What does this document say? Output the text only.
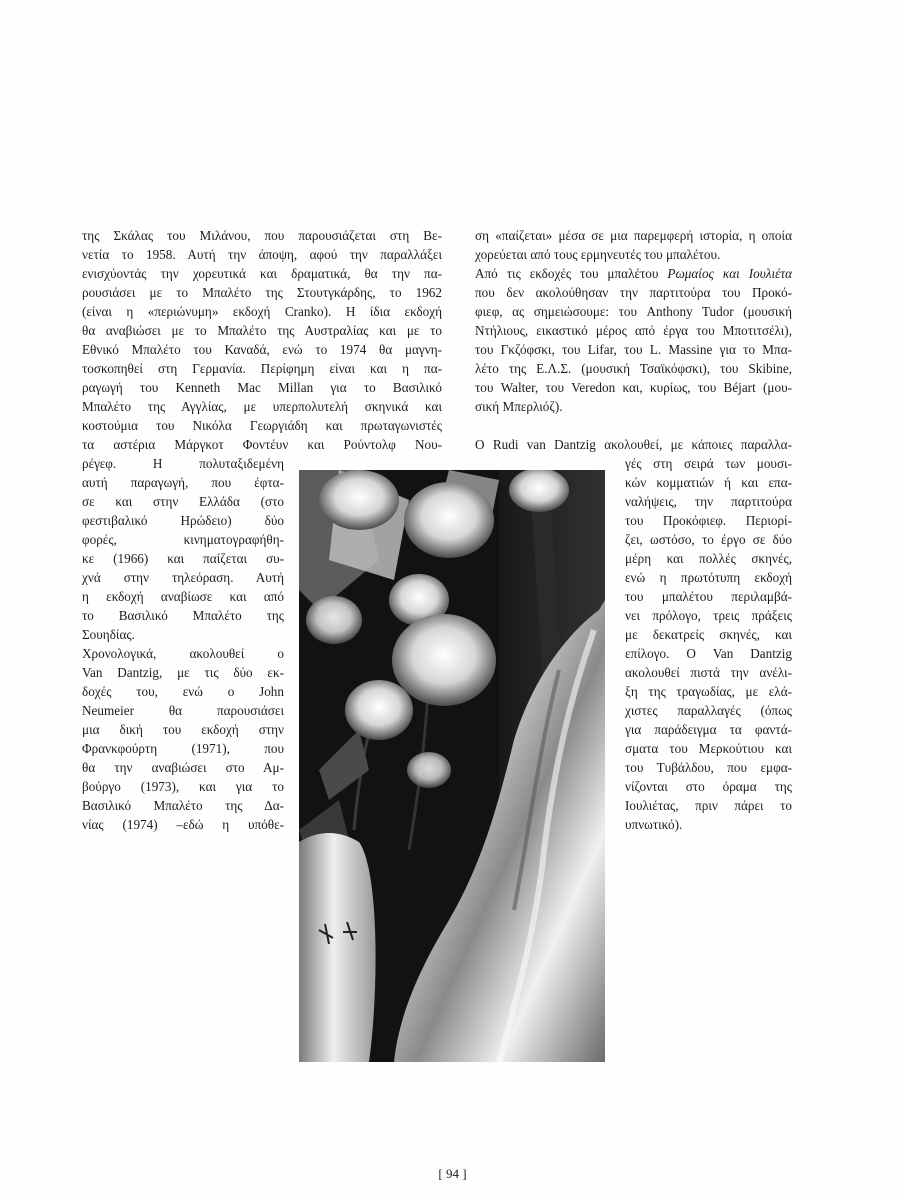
της Σκάλας του Μιλάνου, που παρουσιάζεται στη Βε-

νετία το 1958. Αυτή την άποψη, αφού την παραλλάξει

ενισχύοντάς την χορευτικά και δραματικά, θα την πα-

ρουσιάσει με το Μπαλέτο της Στουτγκάρδης, το 1962

(είναι η «περιώνυμη» εκδοχή Cranko). Η ίδια εκδοχή

θα αναβιώσει με το Μπαλέτο της Αυστραλίας και με το

Εθνικό Μπαλέτο του Καναδά, ενώ το 1974 θα μαγνη-

τοσκοπηθεί στη Γερμανία. Περίφημη είναι και η πα-

ραγωγή του Kenneth Mac Millan για το Βασιλικό

Μπαλέτο της Αγγλίας, με υπερπολυτελή σκηνικά και

κοστούμια του Νικόλα Γεωργιάδη και πρωταγωνιστές

τα αστέρια Μάργκοτ Φοντέυν και Ρούντολφ Νου-

ρέγεφ. Η πολυταξιδεμένη

αυτή παραγωγή, που έφτα-

σε και στην Ελλάδα (στο

φεστιβαλικό Ηρώδειο) δύο

φορές, κινηματογραφήθη-

κε (1966) και παίζεται συ-

χνά στην τηλεόραση. Αυτή

η εκδοχή αναβίωσε και από

το Βασιλικό Μπαλέτο της

Σουηδίας.

Χρονολογικά, ακολουθεί ο

Van Dantzig, με τις δύο εκ-

δοχές του, ενώ ο John

Neumeier θα παρουσιάσει

μια δική του εκδοχή στην

Φρανκφούρτη (1971), που

θα την αναβιώσει στο Αμ-

βούργο (1973), και για το

Βασιλικό Μπαλέτο της Δα-

νίας (1974) –εδώ η υπόθε-

ση «παίζεται» μέσα σε μια παρεμφερή ιστορία, η οποία

χορεύεται από τους ερμηνευτές του μπαλέτου.

Από τις εκδοχές του μπαλέτου Ρωμαίος και Ιουλιέτα

που δεν ακολούθησαν την παρτιτούρα του Προκό-

φιεφ, ας σημειώσουμε: του Anthony Tudor (μουσική

Ντήλιους, εικαστικό μέρος από έργα του Μποτιτσέλι),

του Γκζόφσκι, του Lifar, του L. Massine για το Μπα-

λέτο της Ε.Λ.Σ. (μουσική Τσαϊκόφσκι), του Skibine,

του Walter, του Veredon και, κυρίως, του Béjart (μου-

σική Μπερλιόζ).

Ο Rudi van Dantzig ακολουθεί, με κάποιες παραλλα-

γές στη σειρά των μουσι-

κών κομματιών ή και επα-

ναλήψεις, την παρτιτούρα

του Προκόφιεφ. Περιορί-

ζει, ωστόσο, το έργο σε δύο

μέρη και πολλές σκηνές,

ενώ η πρωτότυπη εκδοχή

του μπαλέτου περιλαμβά-

νει πρόλογο, τρεις πράξεις

με δεκατρείς σκηνές, και

επίλογο. Ο Van Dantzig

ακολουθεί πιστά την ανέλι-

ξη της τραγωδίας, με ελά-

χιστες παραλλαγές (όπως

για παράδειγμα τα φαντά-

σματα του Μερκούτιου και

του Τυβάλδου, που εμφα-

νίζονται στο όραμα της

Ιουλιέτας, πριν πάρει το

υπνωτικό).

[ 94 ]
